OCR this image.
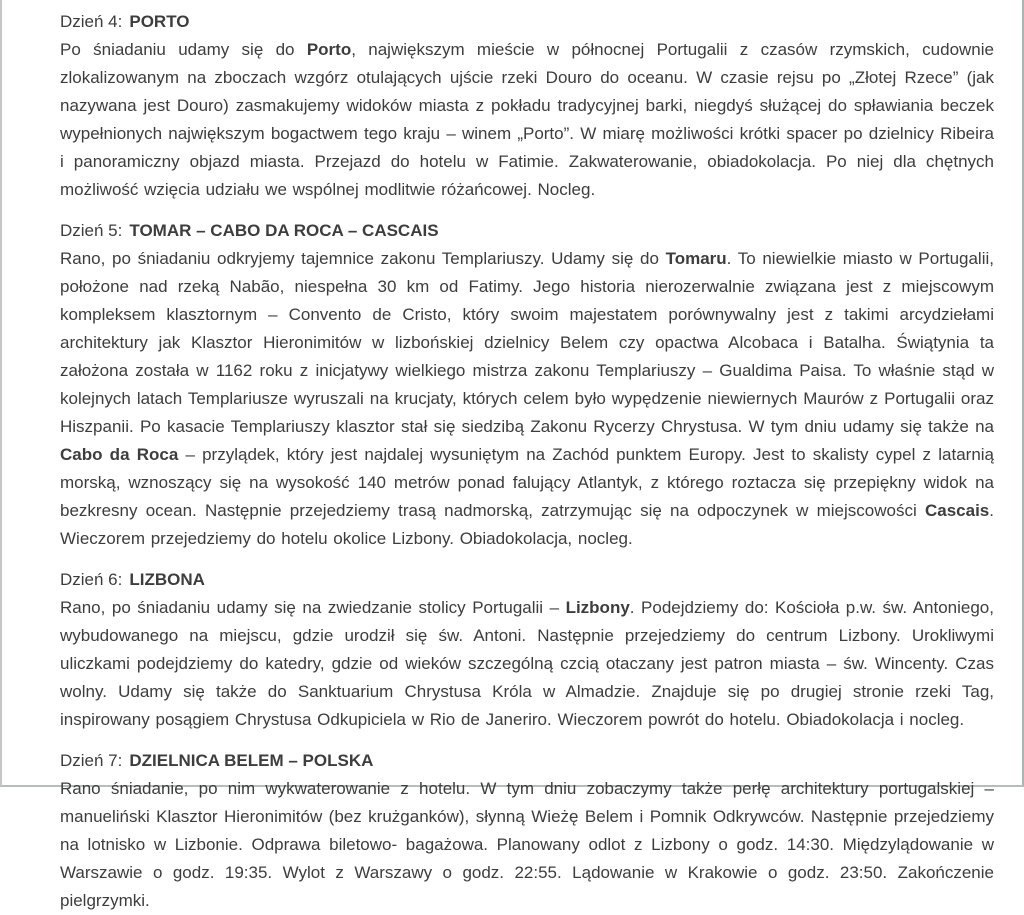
Dzień 4: PORTO

Po śniadaniu udamy się do Porto, największym mieście w północnej Portugalii z czasów rzymskich, cudownie zlokalizowanym na zboczach wzgórz otulających ujście rzeki Douro do oceanu. W czasie rejsu po „Złotej Rzece” (jak nazywana jest Douro) zasmakujemy widoków miasta z pokładu tradycyjnej barki, niegdyś służącej do spławiania beczek wypełnionych największym bogactwem tego kraju – winem „Porto”. W miarę możliwości krótki spacer po dzielnicy Ribeira i panoramiczny objazd miasta. Przejazd do hotelu w Fatimie. Zakwaterowanie, obiadokolacja. Po niej dla chętnych możliwość wzięcia udziału we wspólnej modlitwie różańcowej. Nocleg.

Dzień 5: TOMAR – CABO DA ROCA – CASCAIS

Rano, po śniadaniu odkryjemy tajemnice zakonu Templariuszy. Udamy się do Tomaru. To niewielkie miasto w Portugalii, położone nad rzeką Nabão, niespełna 30 km od Fatimy. Jego historia nierozerwalnie związana jest z miejscowym kompleksem klasztornym – Convento de Cristo, który swoim majestatem porównywalny jest z takimi arcydziełami architektury jak Klasztor Hieronimitów w lizbońskiej dzielnicy Belem czy opactwa Alcobaca i Batalha. Świątynia ta założona została w 1162 roku z inicjatywy wielkiego mistrza zakonu Templariuszy – Gualdima Paisa. To właśnie stąd w kolejnych latach Templariusze wyruszali na krucjaty, których celem było wypędzenie niewiernych Maurów z Portugalii oraz Hiszpanii. Po kasacie Templariuszy klasztor stał się siedzibą Zakonu Rycerzy Chrystusa. W tym dniu udamy się także na Cabo da Roca – przylądek, który jest najdalej wysuniętym na Zachód punktem Europy. Jest to skalisty cypel z latarnią morską, wznoszący się na wysokość 140 metrów ponad falujący Atlantyk, z którego roztacza się przepiękny widok na bezkresny ocean. Następnie przejedziemy trasą nadmorską, zatrzymując się na odpoczynek w miejscowości Cascais. Wieczorem przejedziemy do hotelu okolice Lizbony. Obiadokolacja, nocleg.

Dzień 6: LIZBONA

Rano, po śniadaniu udamy się na zwiedzanie stolicy Portugalii – Lizbony. Podejdziemy do: Kościoła p.w. św. Antoniego, wybudowanego na miejscu, gdzie urodził się św. Antoni. Następnie przejedziemy do centrum Lizbony. Urokliwymi uliczkami podejdziemy do katedry, gdzie od wieków szczególną czcią otaczany jest patron miasta – św. Wincenty. Czas wolny. Udamy się także do Sanktuarium Chrystusa Króla w Almadzie. Znajduje się po drugiej stronie rzeki Tag, inspirowany posągiem Chrystusa Odkupiciela w Rio de Janeriro. Wieczorem powrót do hotelu. Obiadokolacja i nocleg.

Dzień 7: DZIELNICA BELEM – POLSKA

Rano śniadanie, po nim wykwaterowanie z hotelu. W tym dniu zobaczymy także perłę architektury portugalskiej – manueliński Klasztor Hieronimitów (bez krużganków), słynną Wieżę Belem i Pomnik Odkrywców. Następnie przejedziemy na lotnisko w Lizbonie. Odprawa biletowo- bagażowa. Planowany odlot z Lizbony o godz. 14:30. Międzylądowanie w Warszawie o godz. 19:35. Wylot z Warszawy o godz. 22:55. Lądowanie w Krakowie o godz. 23:50. Zakończenie pielgrzymki.
